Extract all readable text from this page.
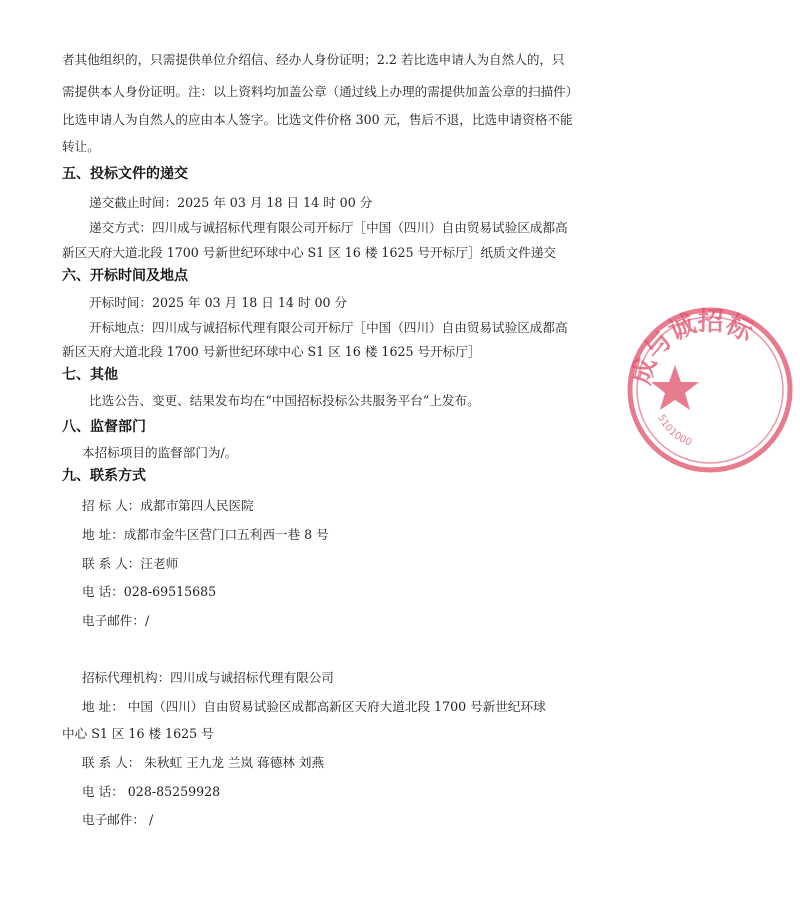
者其他组织的，只需提供单位介绍信、经办人身份证明；2.2 若比选申请人为自然人的，只
需提供本人身份证明。注：以上资料均加盖公章（通过线上办理的需提供加盖公章的扫描件）
比选申请人为自然人的应由本人签字。比选文件价格 300 元，售后不退，比选申请资格不能
转让。
五、投标文件的递交
递交截止时间：2025 年 03 月 18 日 14 时 00 分
递交方式：四川成与诚招标代理有限公司开标厅［中国（四川）自由贸易试验区成都高
新区天府大道北段 1700 号新世纪环球中心 S1 区 16 楼 1625 号开标厅］纸质文件递交
六、开标时间及地点
开标时间：2025 年 03 月 18 日 14 时 00 分
开标地点：四川成与诚招标代理有限公司开标厅［中国（四川）自由贸易试验区成都高
新区天府大道北段 1700 号新世纪环球中心 S1 区 16 楼 1625 号开标厅］
七、其他
比选公告、变更、结果发布均在“中国招标投标公共服务平台”上发布。
八、监督部门
本招标项目的监督部门为/。
九、联系方式
招 标 人：成都市第四人民医院
地 址：成都市金牛区营门口五利西一巷 8 号
联 系 人：汪老师
电 话：028-69515685
电子邮件：/
招标代理机构：四川成与诚招标代理有限公司
地 址： 中国（四川）自由贸易试验区成都高新区天府大道北段 1700 号新世纪环球
中心 S1 区 16 楼 1625 号
联 系 人： 朱秋虹 王九龙 兰岚 蒋德林 刘燕
电 话： 028-85259928
电子邮件： /
成与诚招标
5101000
